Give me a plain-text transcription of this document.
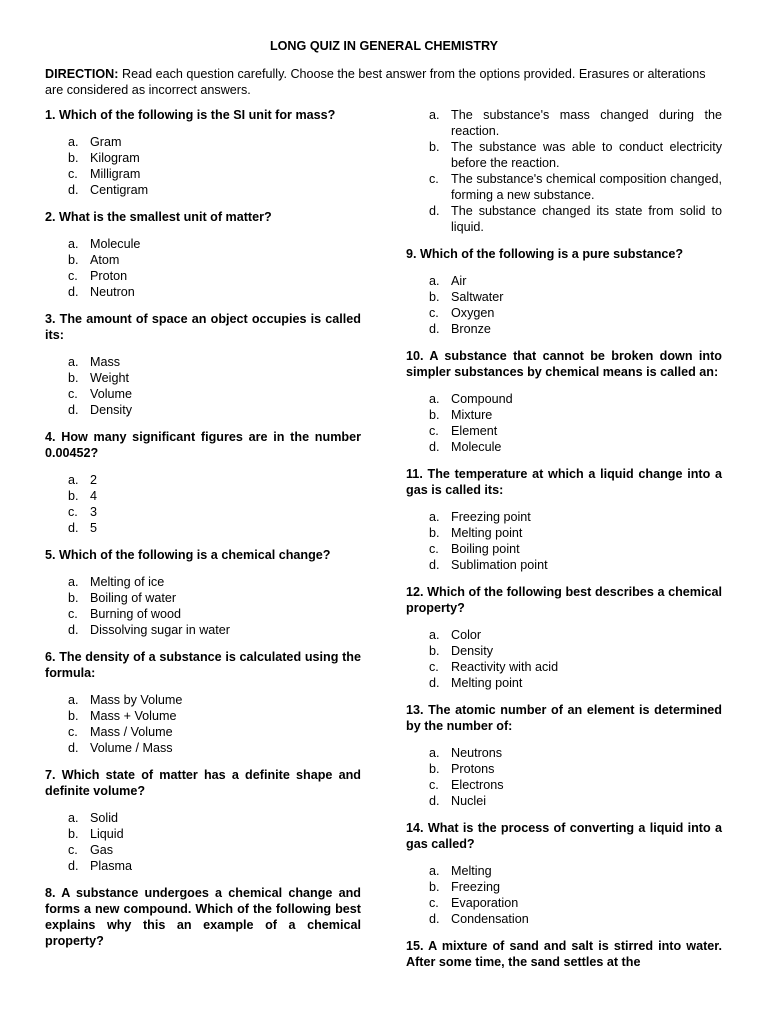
LONG QUIZ IN GENERAL CHEMISTRY
DIRECTION: Read each question carefully. Choose the best answer from the options provided. Erasures or alterations are considered as incorrect answers.
1. Which of the following is the SI unit for mass?
a. Gram
b. Kilogram
c. Milligram
d. Centigram
2. What is the smallest unit of matter?
a. Molecule
b. Atom
c. Proton
d. Neutron
3. The amount of space an object occupies is called its:
a. Mass
b. Weight
c. Volume
d. Density
4. How many significant figures are in the number 0.00452?
a. 2
b. 4
c. 3
d. 5
5. Which of the following is a chemical change?
a. Melting of ice
b. Boiling of water
c. Burning of wood
d. Dissolving sugar in water
6. The density of a substance is calculated using the formula:
a. Mass by Volume
b. Mass + Volume
c. Mass / Volume
d. Volume / Mass
7. Which state of matter has a definite shape and definite volume?
a. Solid
b. Liquid
c. Gas
d. Plasma
8. A substance undergoes a chemical change and forms a new compound. Which of the following best explains why this an example of a chemical property?
a. The substance's mass changed during the reaction.
b. The substance was able to conduct electricity before the reaction.
c. The substance's chemical composition changed, forming a new substance.
d. The substance changed its state from solid to liquid.
9. Which of the following is a pure substance?
a. Air
b. Saltwater
c. Oxygen
d. Bronze
10. A substance that cannot be broken down into simpler substances by chemical means is called an:
a. Compound
b. Mixture
c. Element
d. Molecule
11. The temperature at which a liquid change into a gas is called its:
a. Freezing point
b. Melting point
c. Boiling point
d. Sublimation point
12. Which of the following best describes a chemical property?
a. Color
b. Density
c. Reactivity with acid
d. Melting point
13. The atomic number of an element is determined by the number of:
a. Neutrons
b. Protons
c. Electrons
d. Nuclei
14. What is the process of converting a liquid into a gas called?
a. Melting
b. Freezing
c. Evaporation
d. Condensation
15. A mixture of sand and salt is stirred into water. After some time, the sand settles at the
